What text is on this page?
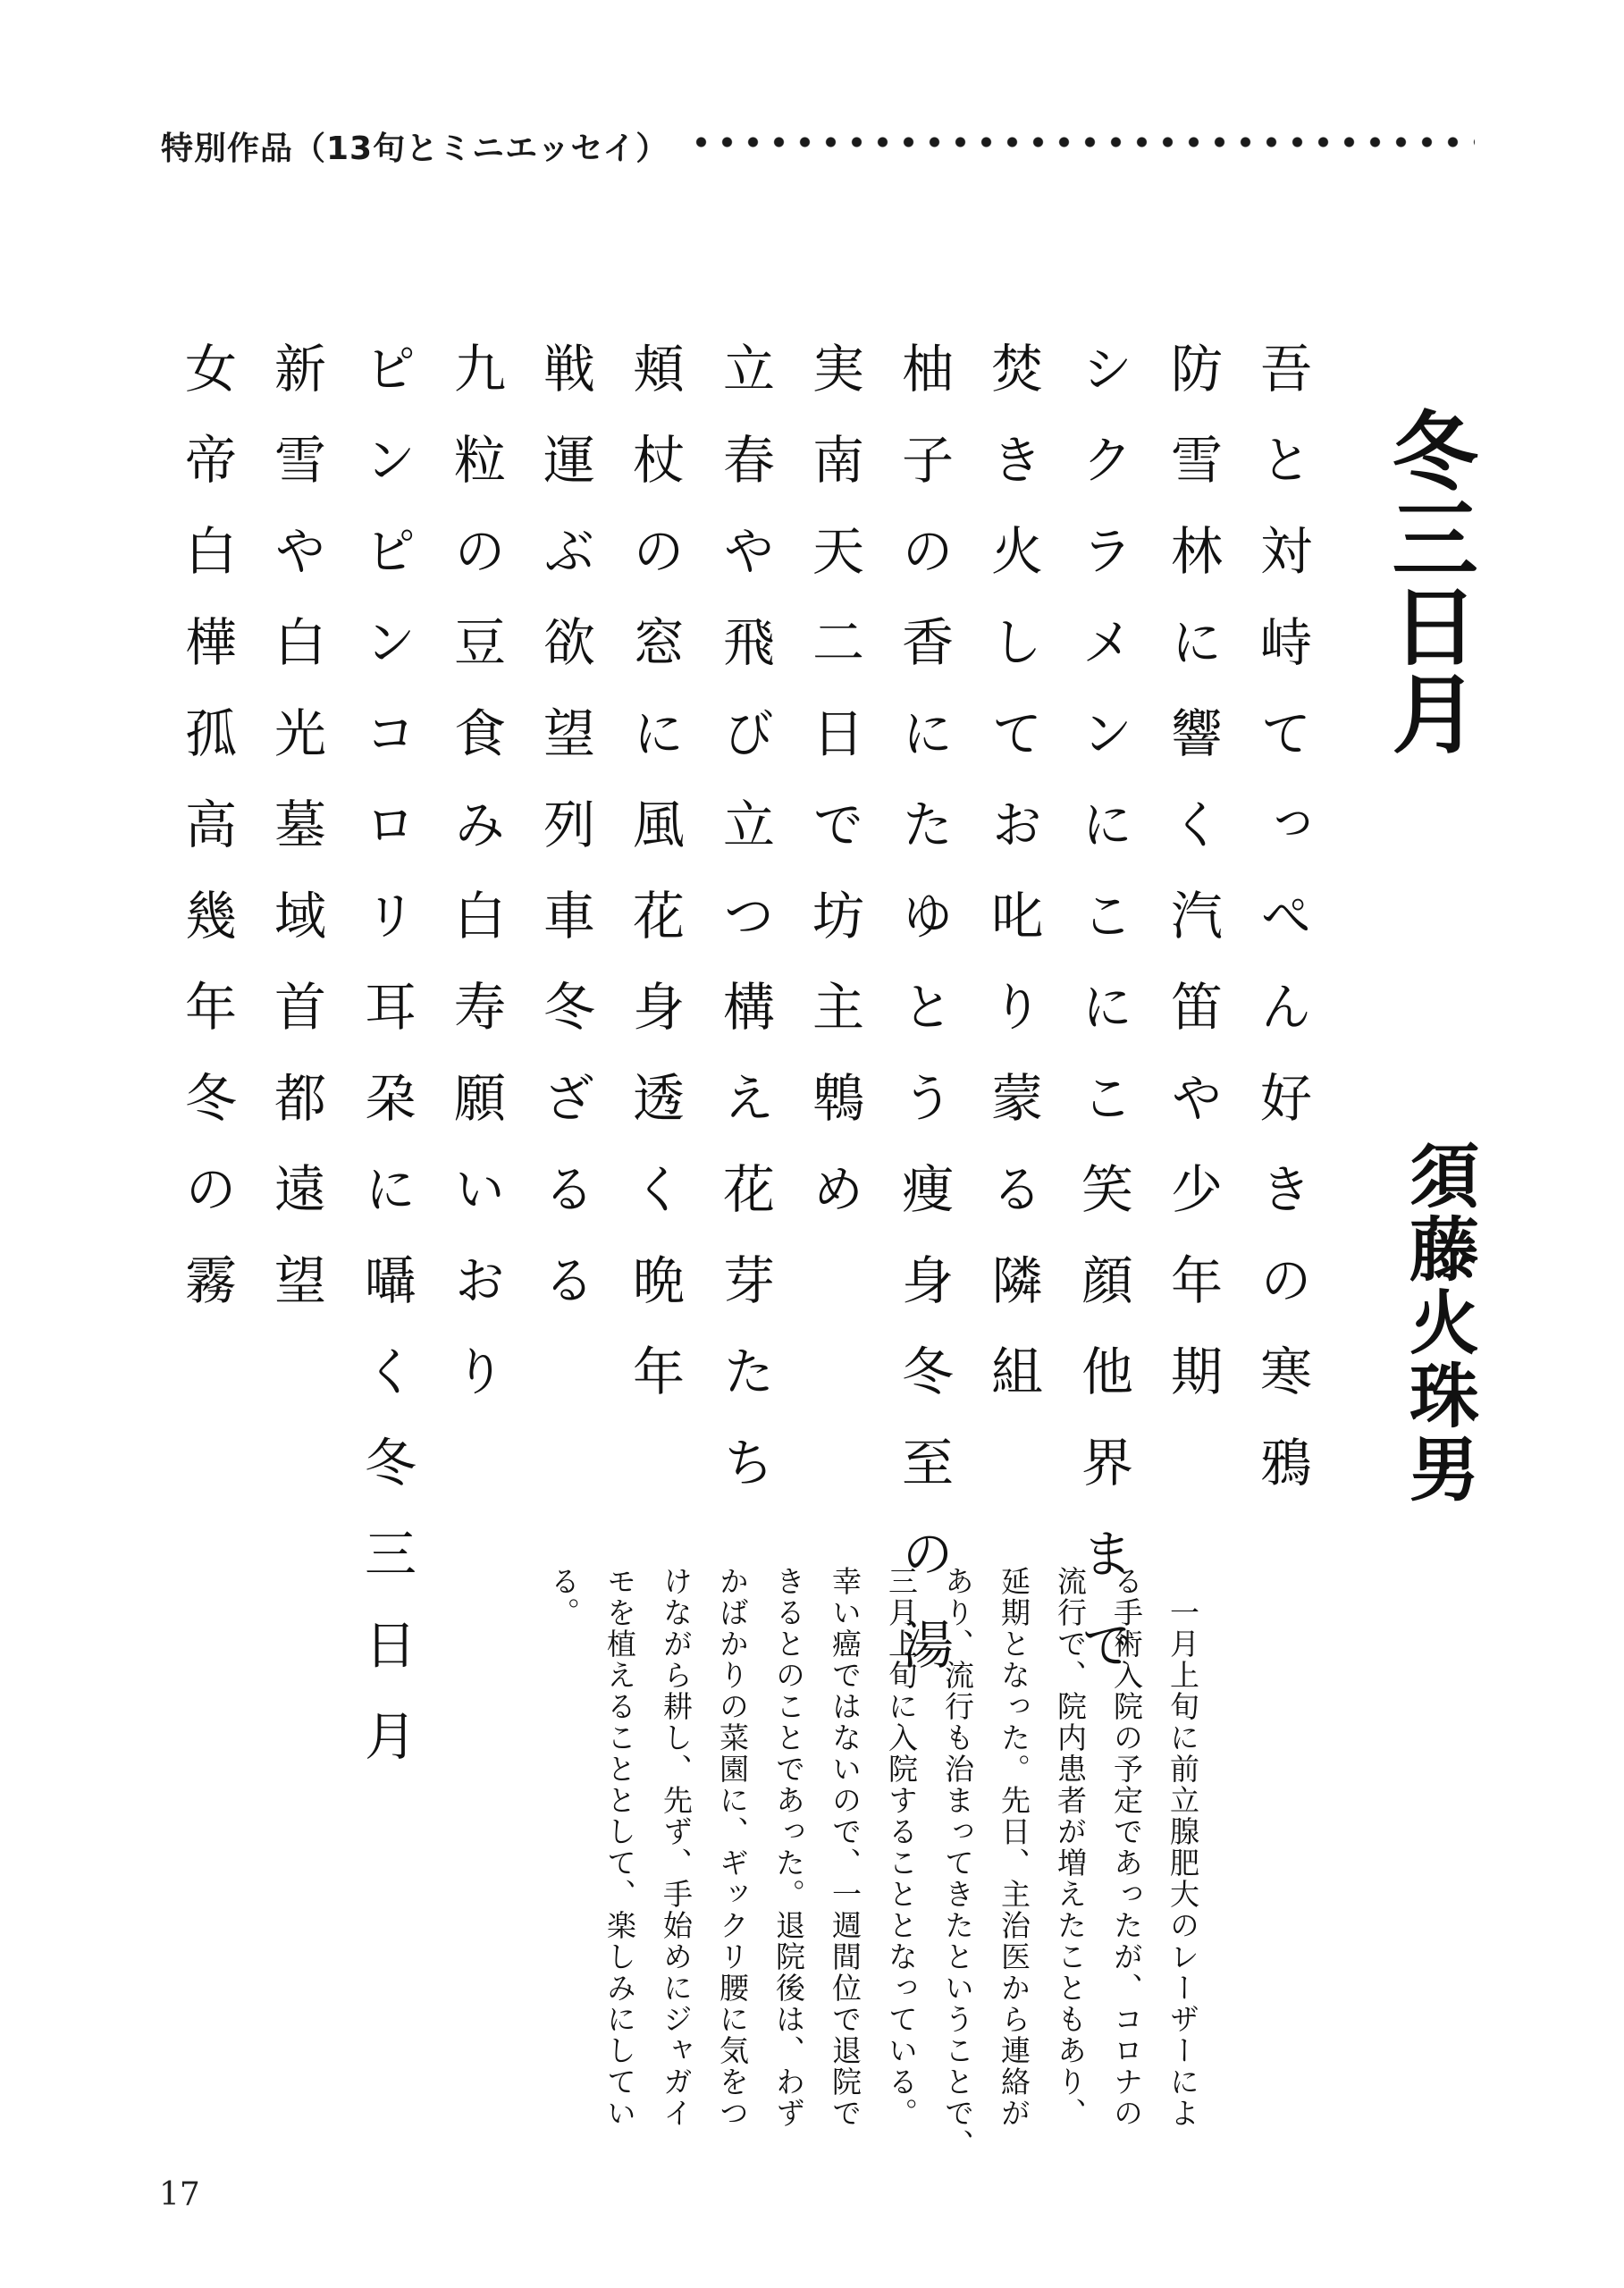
特別作品（13句とミニエッセイ）
冬三日月
須藤火珠男
吾と対峙てっぺん好きの寒鴉
防雪林に響く汽笛や少年期
シクラメンにこにこ笑顔他界まで
焚き火してお叱り蒙る隣組
柚子の香にたゆとう痩身冬至の湯
実南天二日で坊主鵯め
立春や飛び立つ構え花芽たち
頬杖の窓に風花身透く晩年
戦運ぶ欲望列車冬ざるる
九粒の豆食み白寿願いおり
ピンピンコロリ耳朶に囁く冬三日月
新雪や白光墓域首都遠望
女帝白樺孤高幾年冬の霧
　一月上旬に前立腺肥大のレーザーによ
る手術入院の予定であったが、コロナの
流行で、院内患者が増えたこともあり、
延期となった。先日、主治医から連絡が
あり、流行も治まってきたということで、
三月上旬に入院することとなっている。
幸い癌ではないので、一週間位で退院で
きるとのことであった。退院後は、わず
かばかりの菜園に、ギックリ腰に気をつ
けながら耕し、先ず、手始めにジャガイ
モを植えることとして、楽しみにしてい
る。
17
